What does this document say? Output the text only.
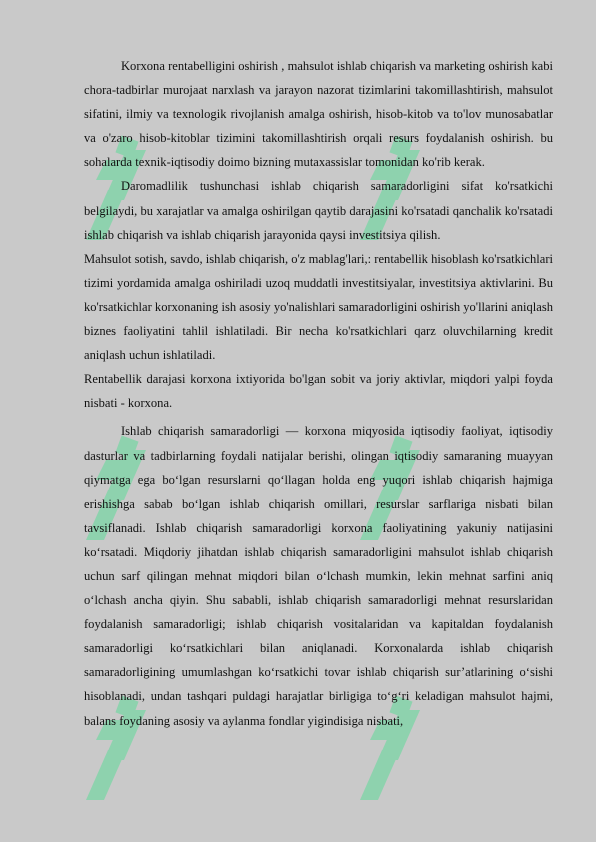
Korxona rentabelligini oshirish , mahsulot ishlab chiqarish va marketing oshirish kabi chora-tadbirlar murojaat narxlash va jarayon nazorat tizimlarini takomillashtirish, mahsulot sifatini, ilmiy va texnologik rivojlanish amalga oshirish, hisob-kitob va to'lov munosabatlar va o'zaro hisob-kitoblar tizimini takomillashtirish orqali resurs foydalanish oshirish. bu sohalarda texnik-iqtisodiy doimo bizning mutaxassislar tomonidan ko'rib kerak.

Daromadlilik tushunchasi ishlab chiqarish samaradorligini sifat ko'rsatkichi belgilaydi, bu xarajatlar va amalga oshirilgan qaytib darajasini ko'rsatadi qanchalik ko'rsatadi ishlab chiqarish va ishlab chiqarish jarayonida qaysi investitsiya qilish.

Mahsulot sotish, savdo, ishlab chiqarish, o'z mablag'lari,: rentabellik hisoblash ko'rsatkichlari tizimi yordamida amalga oshiriladi uzoq muddatli investitsiyalar, investitsiya aktivlarini. Bu ko'rsatkichlar korxonaning ish asosiy yo'nalishlari samaradorligini oshirish yo'llarini aniqlash biznes faoliyatini tahlil ishlatiladi. Bir necha ko'rsatkichlari qarz oluvchilarning kredit aniqlash uchun ishlatiladi.

Rentabellik darajasi korxona ixtiyorida bo'lgan sobit va joriy aktivlar, miqdori yalpi foyda nisbati - korxona.

Ishlab chiqarish samaradorligi — korxona miqyosida iqtisodiy faoliyat, iqtisodiy dasturlar va tadbirlarning foydali natijalar berishi, olingan iqtisodiy samaraning muayyan qiymatga ega bo‘lgan resurslarni qo‘llagan holda eng yuqori ishlab chiqarish hajmiga erishishga sabab bo‘lgan ishlab chiqarish omillari, resurslar sarflariga nisbati bilan tavsiflanadi. Ishlab chiqarish samaradorligi korxona faoliyatining yakuniy natijasini ko‘rsatadi. Miqdoriy jihatdan ishlab chiqarish samaradorligini mahsulot ishlab chiqarish uchun sarf qilingan mehnat miqdori bilan o‘lchash mumkin, lekin mehnat sarfini aniq o‘lchash ancha qiyin. Shu sababli, ishlab chiqarish samaradorligi mehnat resurslaridan foydalanish samaradorligi; ishlab chiqarish vositalaridan va kapitaldan foydalanish samaradorligi ko‘rsatkichlari bilan aniqlanadi. Korxonalarda ishlab chiqarish samaradorligining umumlashgan ko‘rsatkichi tovar ishlab chiqarish sur’atlarining o‘sishi hisoblanadi, undan tashqari puldagi harajatlar birligiga to‘g‘ri keladigan mahsulot hajmi, balans foydaning asosiy va aylanma fondlar yigindisiga nisbati,
